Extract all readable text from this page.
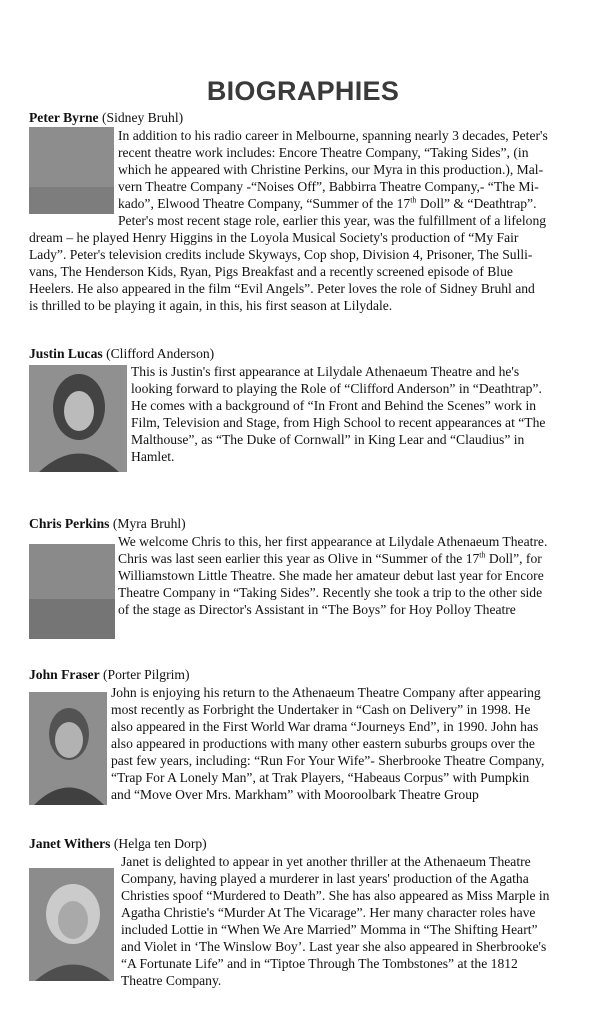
BIOGRAPHIES
Peter Byrne (Sidney Bruhl)
In addition to his radio career in Melbourne, spanning nearly 3 decades, Peter's
recent theatre work includes: Encore Theatre Company, “Taking Sides”, (in
which he appeared with Christine Perkins, our Myra in this production.), Mal-
vern Theatre Company -“Noises Off”, Babbirra Theatre Company,- “The Mi-
kado”, Elwood Theatre Company, “Summer of the 17th Doll” & “Deathtrap”.
Peter's most recent stage role, earlier this year, was the fulfillment of a lifelong
dream – he played Henry Higgins in the Loyola Musical Society's production of “My Fair
Lady”. Peter's television credits include Skyways, Cop shop, Division 4, Prisoner, The Sulli-
vans, The Henderson Kids, Ryan, Pigs Breakfast and a recently screened episode of Blue
Heelers. He also appeared in the film “Evil Angels”. Peter loves the role of Sidney Bruhl and
is thrilled to be playing it again, in this, his first season at Lilydale.
Justin Lucas (Clifford Anderson)
This is Justin's first appearance at Lilydale Athenaeum Theatre and he's
looking forward to playing the Role of “Clifford Anderson” in “Deathtrap”.
He comes with a background of “In Front and Behind the Scenes” work in
Film, Television and Stage, from High School to recent appearances at “The
Malthouse”, as “The Duke of Cornwall” in King Lear and “Claudius” in
Hamlet.
Chris Perkins (Myra Bruhl)
We welcome Chris to this, her first appearance at Lilydale Athenaeum Theatre.
Chris was last seen earlier this year as Olive in “Summer of the 17th Doll”, for
Williamstown Little Theatre. She made her amateur debut last year for Encore
Theatre Company in “Taking Sides”. Recently she took a trip to the other side
of the stage as Director's Assistant in “The Boys” for Hoy Polloy Theatre
John Fraser (Porter Pilgrim)
John is enjoying his return to the Athenaeum Theatre Company after appearing
most recently as Forbright the Undertaker in “Cash on Delivery” in 1998. He
also appeared in the First World War drama “Journeys End”, in 1990. John has
also appeared in productions with many other eastern suburbs groups over the
past few years, including: “Run For Your Wife”- Sherbrooke Theatre Company,
“Trap For A Lonely Man”, at Trak Players, “Habeaus Corpus” with Pumpkin
and “Move Over Mrs. Markham” with Mooroolbark Theatre Group
Janet Withers (Helga ten Dorp)
Janet is delighted to appear in yet another thriller at the Athenaeum Theatre
Company, having played a murderer in last years' production of the Agatha
Christies spoof “Murdered to Death”. She has also appeared as Miss Marple in
Agatha Christie's “Murder At The Vicarage”. Her many character roles have
included Lottie in “When We Are Married” Momma in “The Shifting Heart”
and Violet in ‘The Winslow Boy’. Last year she also appeared in Sherbrooke's
“A Fortunate Life” and in “Tiptoe Through The Tombstones” at the 1812
Theatre Company.
